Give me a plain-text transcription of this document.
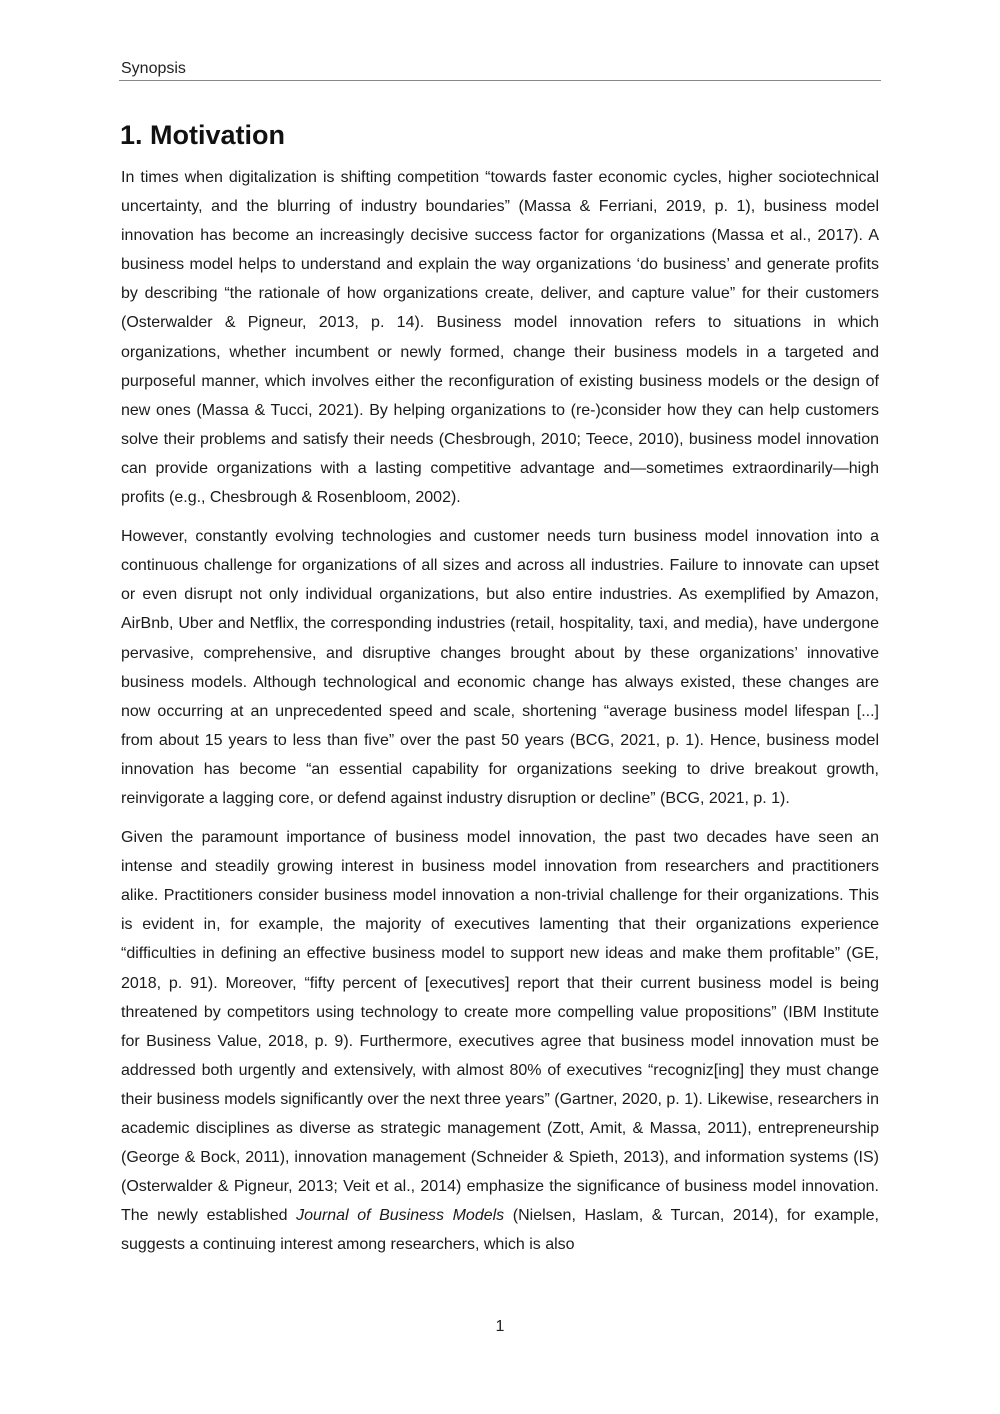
Synopsis
1. Motivation

In times when digitalization is shifting competition “towards faster economic cycles, higher sociotechnical uncertainty, and the blurring of industry boundaries” (Massa & Ferriani, 2019, p. 1), business model innovation has become an increasingly decisive success factor for organizations (Massa et al., 2017). A business model helps to understand and explain the way organizations ‘do business’ and generate profits by describing “the rationale of how organizations create, deliver, and capture value” for their customers (Osterwalder & Pigneur, 2013, p. 14). Business model innovation refers to situations in which organizations, whether incumbent or newly formed, change their business models in a targeted and purposeful manner, which involves either the reconfiguration of existing business models or the design of new ones (Massa & Tucci, 2021). By helping organizations to (re-)consider how they can help customers solve their problems and satisfy their needs (Chesbrough, 2010; Teece, 2010), business model innovation can provide organizations with a lasting competitive advantage and—sometimes extraordinarily—high profits (e.g., Chesbrough & Rosenbloom, 2002).

However, constantly evolving technologies and customer needs turn business model innovation into a continuous challenge for organizations of all sizes and across all industries. Failure to innovate can upset or even disrupt not only individual organizations, but also entire industries. As exemplified by Amazon, AirBnb, Uber and Netflix, the corresponding industries (retail, hospitality, taxi, and media), have undergone pervasive, comprehensive, and disruptive changes brought about by these organizations’ innovative business models. Although technological and economic change has always existed, these changes are now occurring at an unprecedented speed and scale, shortening “average business model lifespan [...] from about 15 years to less than five” over the past 50 years (BCG, 2021, p. 1). Hence, business model innovation has become “an essential capability for organizations seeking to drive breakout growth, reinvigorate a lagging core, or defend against industry disruption or decline” (BCG, 2021, p. 1).

Given the paramount importance of business model innovation, the past two decades have seen an intense and steadily growing interest in business model innovation from researchers and practitioners alike. Practitioners consider business model innovation a non-trivial challenge for their organizations. This is evident in, for example, the majority of executives lamenting that their organizations experience “difficulties in defining an effective business model to support new ideas and make them profitable” (GE, 2018, p. 91). Moreover, “fifty percent of [executives] report that their current business model is being threatened by competitors using technology to create more compelling value propositions” (IBM Institute for Business Value, 2018, p. 9). Furthermore, executives agree that business model innovation must be addressed both urgently and extensively, with almost 80% of executives “recogniz[ing] they must change their business models significantly over the next three years” (Gartner, 2020, p. 1). Likewise, researchers in academic disciplines as diverse as strategic management (Zott, Amit, & Massa, 2011), entrepreneurship (George & Bock, 2011), innovation management (Schneider & Spieth, 2013), and information systems (IS) (Osterwalder & Pigneur, 2013; Veit et al., 2014) emphasize the significance of business model innovation. The newly established Journal of Business Models (Nielsen, Haslam, & Turcan, 2014), for example, suggests a continuing interest among researchers, which is also

1
